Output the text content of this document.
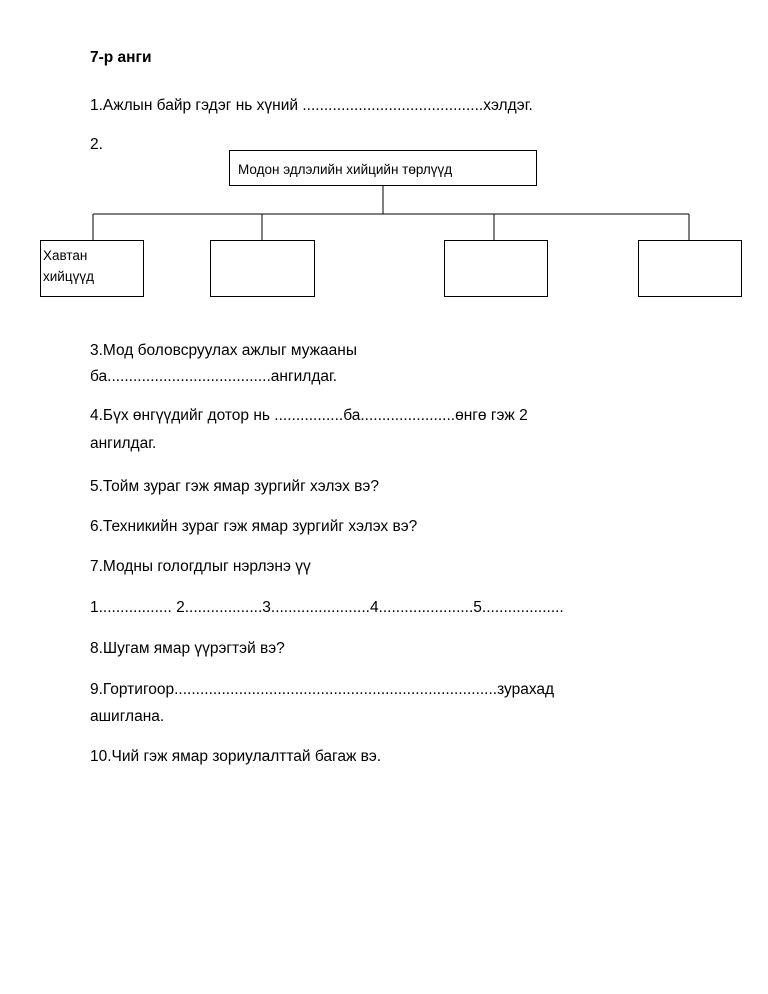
7-р анги
1.Ажлын байр гэдэг нь хүний ..........................................хэлдэг.
2.
Модон эдлэлийн хийцийн төрлүүд
Хавтан
хийцүүд
3.Мод боловсруулах ажлыг мужааны
ба......................................ангилдаг.
4.Бүх өнгүүдийг дотор нь ................ба......................өнгө гэж 2
ангилдаг.
5.Тойм зураг гэж ямар зургийг хэлэх вэ?
6.Техникийн зураг гэж ямар зургийг хэлэх вэ?
7.Модны гологдлыг нэрлэнэ үү
1................. 2..................3.......................4......................5...................
8.Шугам ямар үүрэгтэй вэ?
9.Гортигоор...........................................................................зурахад
ашиглана.
10.Чий гэж ямар зориулалттай багаж вэ.
